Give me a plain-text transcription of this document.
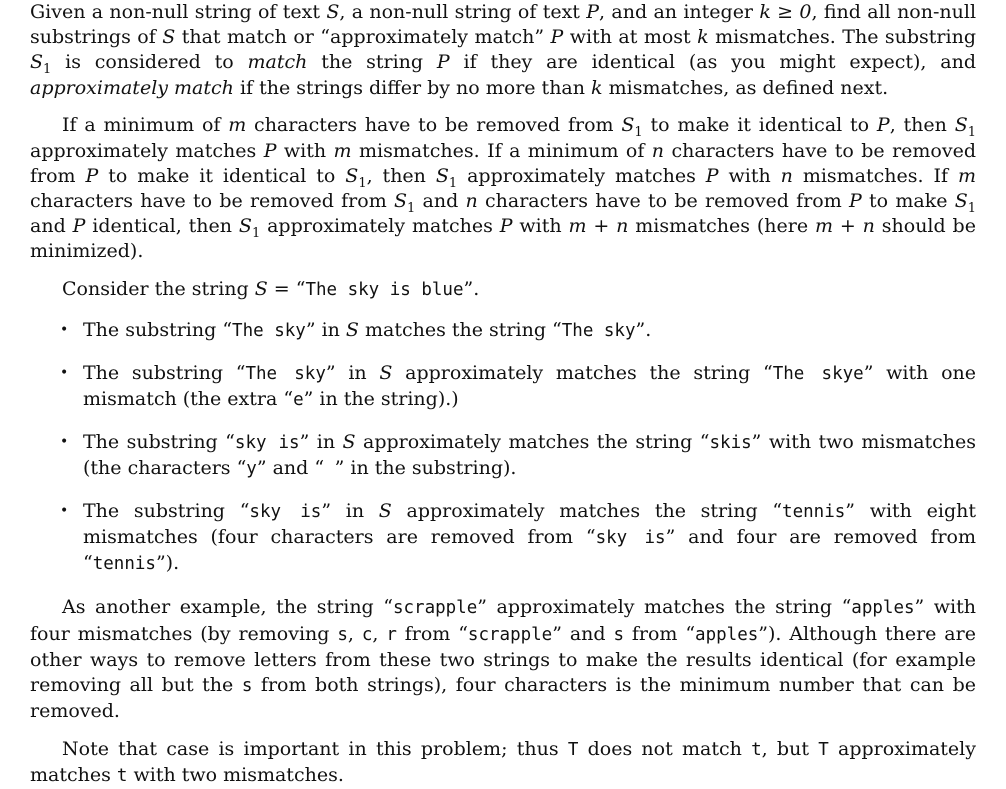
Given a non-null string of text S, a non-null string of text P, and an integer k ≥ 0, find all non-null substrings of S that match or “approximately match” P with at most k mismatches. The substring $S_1$ is considered to match the string P if they are identical (as you might expect), and approximately match if the strings differ by no more than k mismatches, as defined next.

If a minimum of m characters have to be removed from $S_1$ to make it identical to P, then $S_1$ approximately matches P with m mismatches. If a minimum of n characters have to be removed from P to make it identical to $S_1$, then $S_1$ approximately matches P with n mismatches. If m characters have to be removed from $S_1$ and n characters have to be removed from P to make $S_1$ and P identical, then $S_1$ approximately matches P with m + n mismatches (here m + n should be minimized).

Consider the string S = “The sky is blue”.

• The substring “The sky” in S matches the string “The sky”.
• The substring “The sky” in S approximately matches the string “The skye” with one mismatch (the extra “e” in the string).)
• The substring “sky is” in S approximately matches the string “skis” with two mismatches (the characters “y” and “ ” in the substring).
• The substring “sky is” in S approximately matches the string “tennis” with eight mismatches (four characters are removed from “sky is” and four are removed from “tennis”).

As another example, the string “scrapple” approximately matches the string “apples” with four mismatches (by removing s, c, r from “scrapple” and s from “apples”). Although there are other ways to remove letters from these two strings to make the results identical (for example removing all but the s from both strings), four characters is the minimum number that can be removed.

Note that case is important in this problem; thus T does not match t, but T approximately matches t with two mismatches.
